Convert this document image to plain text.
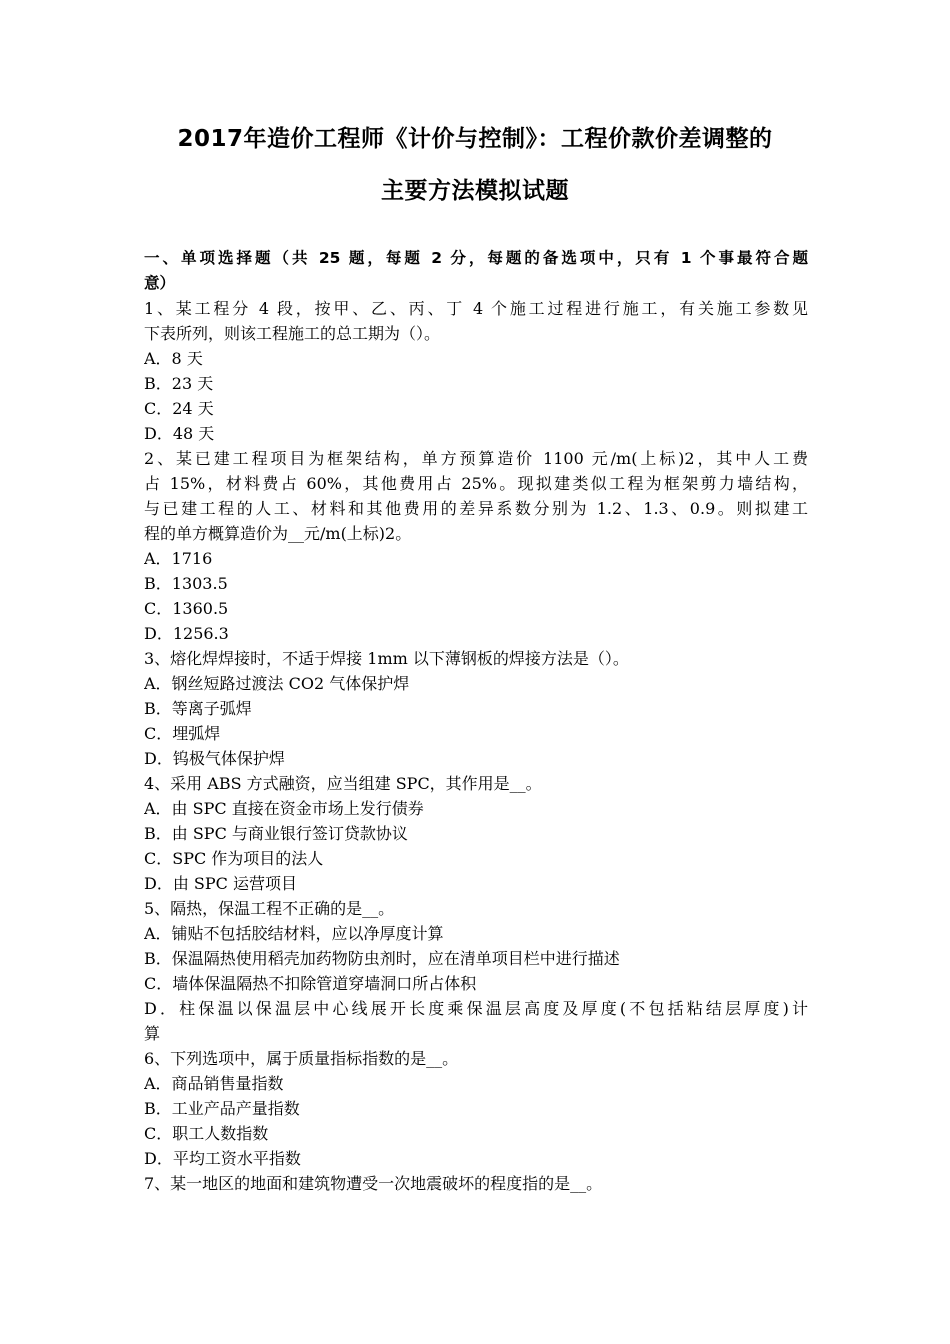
2017年造价工程师《计价与控制》：工程价款价差调整的
主要方法模拟试题
一、单项选择题（共 25 题，每题 2 分，每题的备选项中，只有 1 个事最符合题
意）
1、某工程分 4 段，按甲、乙、丙、丁 4 个施工过程进行施工，有关施工参数见
下表所列，则该工程施工的总工期为（）。
A．8 天
B．23 天
C．24 天
D．48 天
2、某已建工程项目为框架结构，单方预算造价 1100 元/m(上标)2，其中人工费
占 15%，材料费占 60%，其他费用占 25%。现拟建类似工程为框架剪力墙结构，
与已建工程的人工、材料和其他费用的差异系数分别为 1.2、1.3、0.9。则拟建工
程的单方概算造价为__元/m(上标)2。
A．1716
B．1303.5
C．1360.5
D．1256.3
3、熔化焊焊接时，不适于焊接 1mm 以下薄钢板的焊接方法是（）。
A．钢丝短路过渡法 CO2 气体保护焊
B．等离子弧焊
C．埋弧焊
D．钨极气体保护焊
4、采用 ABS 方式融资，应当组建 SPC，其作用是__。
A．由 SPC 直接在资金市场上发行债券
B．由 SPC 与商业银行签订贷款协议
C．SPC 作为项目的法人
D．由 SPC 运营项目
5、隔热，保温工程不正确的是__。
A．铺贴不包括胶结材料，应以净厚度计算
B．保温隔热使用稻壳加药物防虫剂时，应在清单项目栏中进行描述
C．墙体保温隔热不扣除管道穿墙洞口所占体积
D．柱保温以保温层中心线展开长度乘保温层高度及厚度(不包括粘结层厚度)计
算
6、下列选项中，属于质量指标指数的是__。
A．商品销售量指数
B．工业产品产量指数
C．职工人数指数
D．平均工资水平指数
7、某一地区的地面和建筑物遭受一次地震破坏的程度指的是__。
